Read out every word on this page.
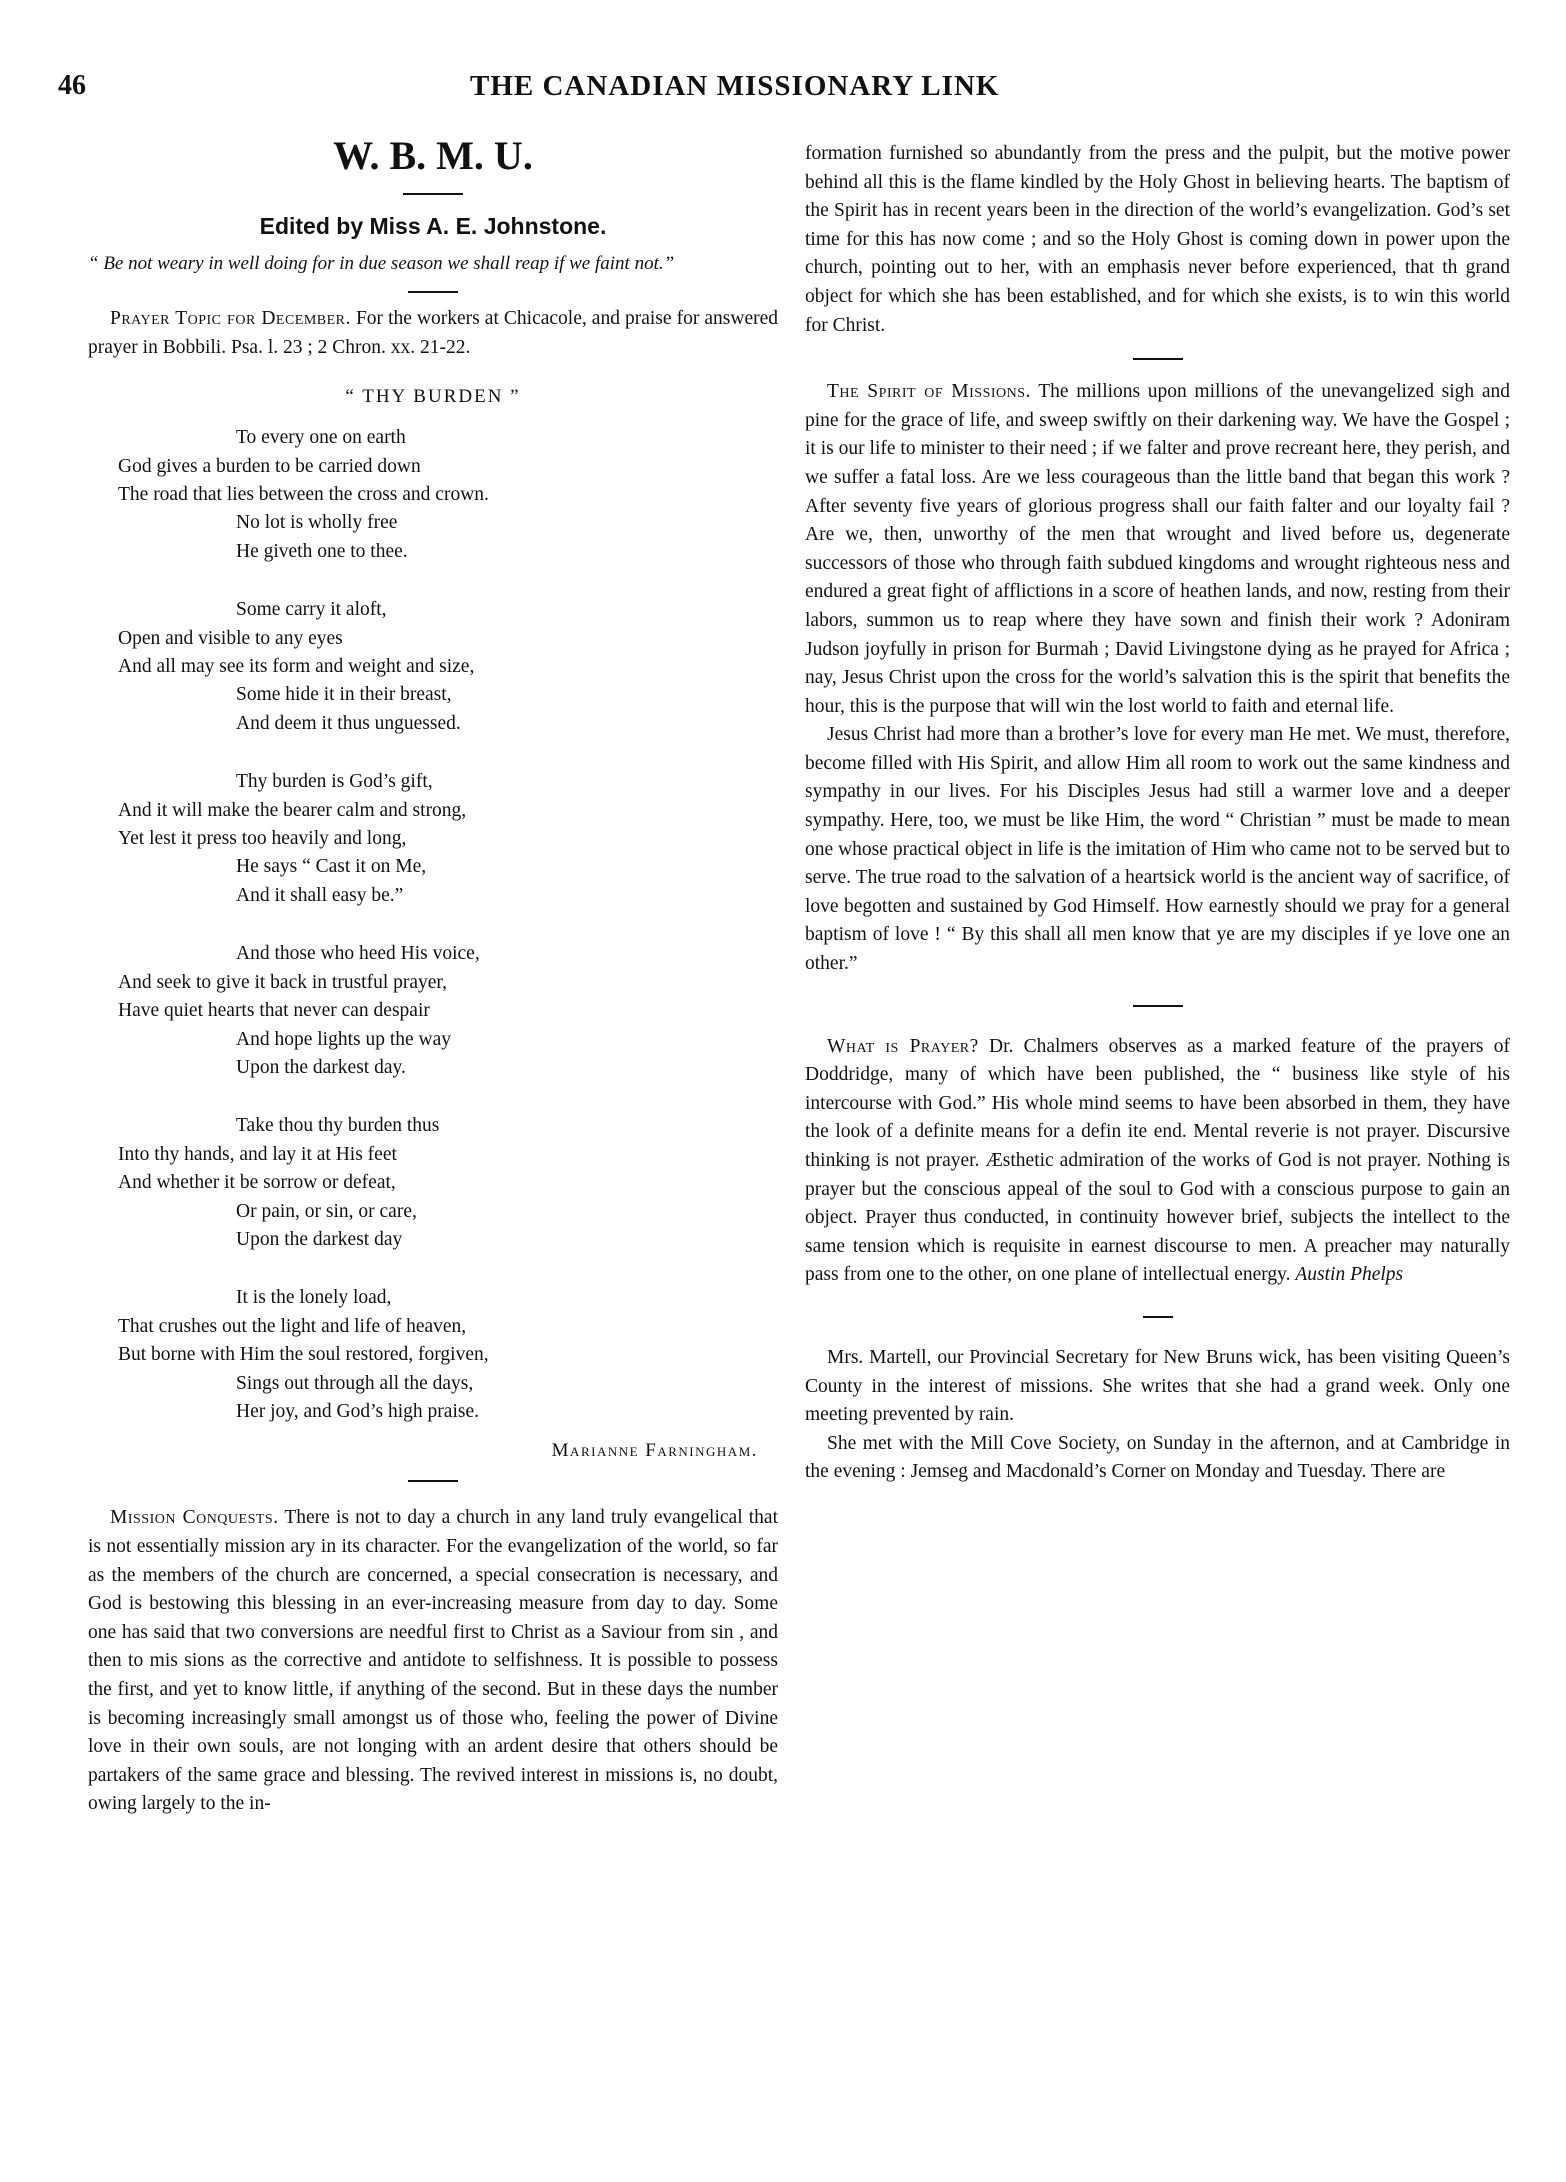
46	THE CANADIAN MISSIONARY LINK
W. B. M. U.
Edited by Miss A. E. Johnstone.
“ Be not weary in well doing for in due season we shall reap if we faint not.”

Prayer Topic for December. For the workers at Chicacole, and praise for answered prayer in Bobbili. Psa. l. 23 ; 2 Chron. xx. 21-22.

“ THY BURDEN ”
To every one on earth
God gives a burden to be carried down
The road that lies between the cross and crown.
No lot is wholly free
He giveth one to thee.
Some carry it aloft,
Open and visible to any eyes
And all may see its form and weight and size,
Some hide it in their breast,
And deem it thus unguessed.
Thy burden is God’s gift,
And it will make the bearer calm and strong,
Yet lest it press too heavily and long,
He says “ Cast it on Me,
And it shall easy be.”
And those who heed His voice,
And seek to give it back in trustful prayer,
Have quiet hearts that never can despair
And hope lights up the way
Upon the darkest day.
Take thou thy burden thus
Into thy hands, and lay it at His feet
And whether it be sorrow or defeat,
Or pain, or sin, or care,
Upon the darkest day
It is the lonely load,
That crushes out the light and life of heaven,
But borne with Him the soul restored, forgiven,
Sings out through all the days,
Her joy, and God’s high praise.
Marianne Farningham.

Mission Conquests. There is not to day a church in any land truly evangelical that is not essentially mission ary in its character. For the evangelization of the world, so far as the members of the church are concerned, a special consecration is necessary, and God is bestowing this blessing in an ever-increasing measure from day to day. Some one has said that two conversions are needful first to Christ as a Saviour from sin , and then to mis sions as the corrective and antidote to selfishness. It is possible to possess the first, and yet to know little, if anything of the second. But in these days the number is becoming increasingly small amongst us of those who, feeling the power of Divine love in their own souls, are not longing with an ardent desire that others should be partakers of the same grace and blessing. The revived interest in missions is, no doubt, owing largely to the in-

formation furnished so abundantly from the press and the pulpit, but the motive power behind all this is the flame kindled by the Holy Ghost in believing hearts. The baptism of the Spirit has in recent years been in the direction of the world’s evangelization. God’s set time for this has now come ; and so the Holy Ghost is coming down in power upon the church, pointing out to her, with an emphasis never before experienced, that th grand object for which she has been established, and for which she exists, is to win this world for Christ.

The Spirit of Missions. The millions upon millions of the unevangelized sigh and pine for the grace of life, and sweep swiftly on their darkening way. We have the Gospel ; it is our life to minister to their need ; if we falter and prove recreant here, they perish, and we suffer a fatal loss. Are we less courageous than the little band that began this work ? After seventy five years of glorious progress shall our faith falter and our loyalty fail ? Are we, then, unworthy of the men that wrought and lived before us, degenerate successors of those who through faith subdued kingdoms and wrought righteous ness and endured a great fight of afflictions in a score of heathen lands, and now, resting from their labors, summon us to reap where they have sown and finish their work ? Adoniram Judson joyfully in prison for Burmah ; David Livingstone dying as he prayed for Africa ; nay, Jesus Christ upon the cross for the world’s salvation this is the spirit that benefits the hour, this is the purpose that will win the lost world to faith and eternal life.

Jesus Christ had more than a brother’s love for every man He met. We must, therefore, become filled with His Spirit, and allow Him all room to work out the same kindness and sympathy in our lives. For his Disciples Jesus had still a warmer love and a deeper sympathy. Here, too, we must be like Him, the word “ Christian ” must be made to mean one whose practical object in life is the imitation of Him who came not to be served but to serve. The true road to the salvation of a heartsick world is the ancient way of sacrifice, of love begotten and sustained by God Himself. How earnestly should we pray for a general baptism of love ! “ By this shall all men know that ye are my disciples if ye love one an other.”

What is Prayer? Dr. Chalmers observes as a marked feature of the prayers of Doddridge, many of which have been published, the “ business like style of his intercourse with God.” His whole mind seems to have been absorbed in them, they have the look of a definite means for a defin ite end. Mental reverie is not prayer. Discursive thinking is not prayer. Æsthetic admiration of the works of God is not prayer. Nothing is prayer but the conscious appeal of the soul to God with a conscious purpose to gain an object. Prayer thus conducted, in continuity however brief, subjects the intellect to the same tension which is requisite in earnest discourse to men. A preacher may naturally pass from one to the other, on one plane of intellectual energy. Austin Phelps

Mrs. Martell, our Provincial Secretary for New Bruns wick, has been visiting Queen’s County in the interest of missions. She writes that she had a grand week. Only one meeting prevented by rain.

She met with the Mill Cove Society, on Sunday in the afternon, and at Cambridge in the evening : Jemseg and Macdonald’s Corner on Monday and Tuesday. There are
